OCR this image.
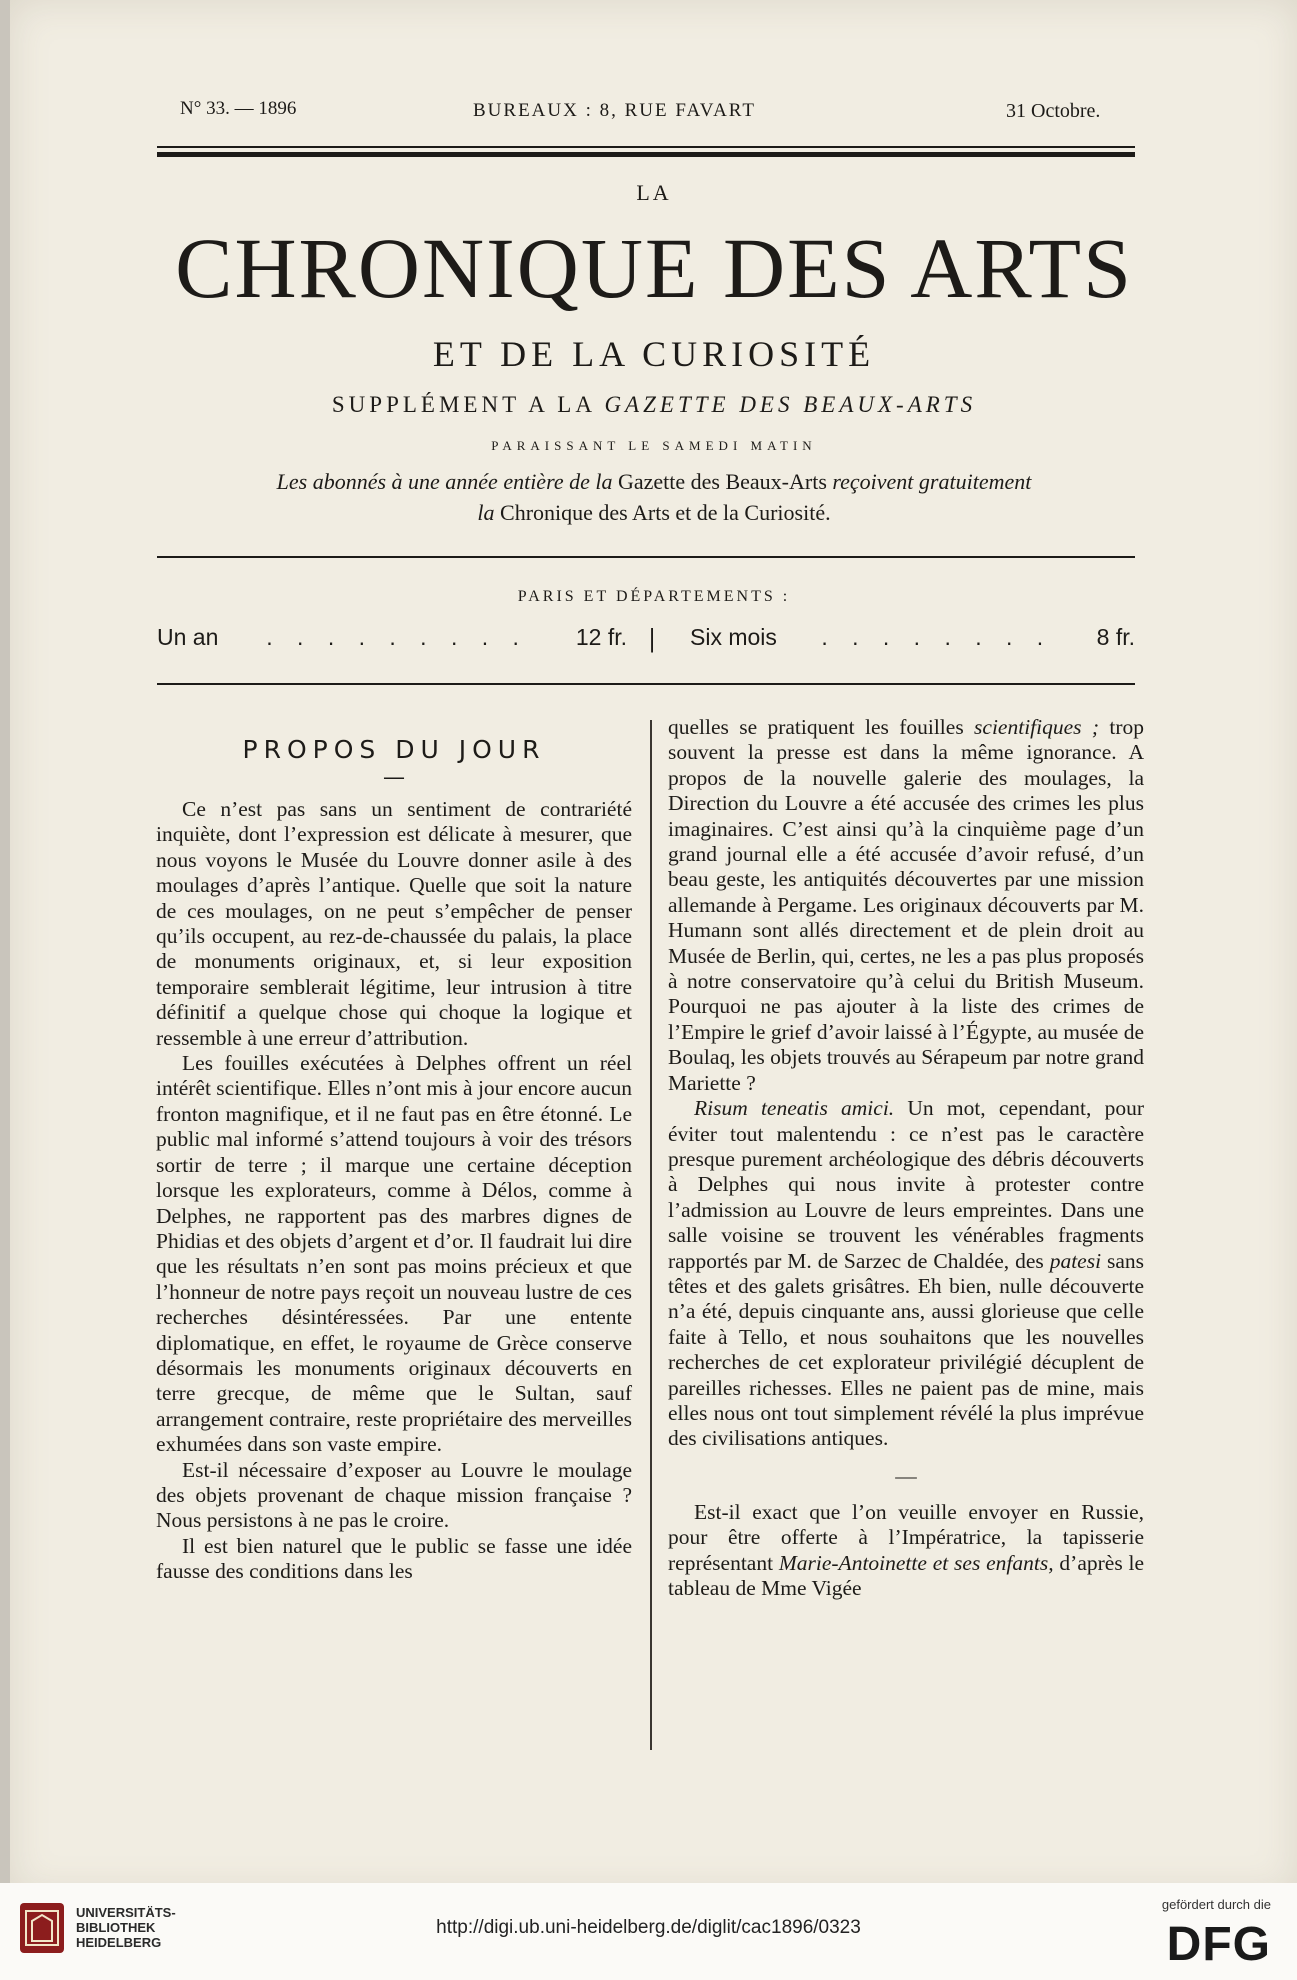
N° 33. — 1896	BUREAUX : 8, RUE FAVART	31 Octobre.
LA
CHRONIQUE DES ARTS
ET DE LA CURIOSITÉ
SUPPLÉMENT A LA GAZETTE DES BEAUX-ARTS
PARAISSANT LE SAMEDI MATIN
Les abonnés à une année entière de la Gazette des Beaux-Arts reçoivent gratuitement
la Chronique des Arts et de la Curiosité.
PARIS ET DÉPARTEMENTS :
Un an	. . . . . . . . .	12 fr. | Six mois	. . . . . . . .	8 fr.
PROPOS DU JOUR
—

Ce n’est pas sans un sentiment de contrariété inquiète, dont l’expression est délicate à mesurer, que nous voyons le Musée du Louvre donner asile à des moulages d’après l’antique. Quelle que soit la nature de ces moulages, on ne peut s’empêcher de penser qu’ils occupent, au rez-de-chaussée du palais, la place de monuments originaux, et, si leur exposition temporaire semblerait légitime, leur intrusion à titre définitif a quelque chose qui choque la logique et ressemble à une erreur d’attribution.

Les fouilles exécutées à Delphes offrent un réel intérêt scientifique. Elles n’ont mis à jour encore aucun fronton magnifique, et il ne faut pas en être étonné. Le public mal informé s’attend toujours à voir des trésors sortir de terre ; il marque une certaine déception lorsque les explorateurs, comme à Délos, comme à Delphes, ne rapportent pas des marbres dignes de Phidias et des objets d’argent et d’or. Il faudrait lui dire que les résultats n’en sont pas moins précieux et que l’honneur de notre pays reçoit un nouveau lustre de ces recherches désintéressées. Par une entente diplomatique, en effet, le royaume de Grèce conserve désormais les monuments originaux découverts en terre grecque, de même que le Sultan, sauf arrangement contraire, reste propriétaire des merveilles exhumées dans son vaste empire.

Est-il nécessaire d’exposer au Louvre le moulage des objets provenant de chaque mission française ? Nous persistons à ne pas le croire.

Il est bien naturel que le public se fasse une idée fausse des conditions dans les

quelles se pratiquent les fouilles scientifiques ; trop souvent la presse est dans la même ignorance. A propos de la nouvelle galerie des moulages, la Direction du Louvre a été accusée des crimes les plus imaginaires. C’est ainsi qu’à la cinquième page d’un grand journal elle a été accusée d’avoir refusé, d’un beau geste, les antiquités découvertes par une mission allemande à Pergame. Les originaux découverts par M. Humann sont allés directement et de plein droit au Musée de Berlin, qui, certes, ne les a pas plus proposés à notre conservatoire qu’à celui du British Museum. Pourquoi ne pas ajouter à la liste des crimes de l’Empire le grief d’avoir laissé à l’Égypte, au musée de Boulaq, les objets trouvés au Sérapeum par notre grand Mariette ?

Risum teneatis amici. Un mot, cependant, pour éviter tout malentendu : ce n’est pas le caractère presque purement archéologique des débris découverts à Delphes qui nous invite à protester contre l’admission au Louvre de leurs empreintes. Dans une salle voisine se trouvent les vénérables fragments rapportés par M. de Sarzec de Chaldée, des patesi sans têtes et des galets grisâtres. Eh bien, nulle découverte n’a été, depuis cinquante ans, aussi glorieuse que celle faite à Tello, et nous souhaitons que les nouvelles recherches de cet explorateur privilégié décuplent de pareilles richesses. Elles ne paient pas de mine, mais elles nous ont tout simplement révélé la plus imprévue des civilisations antiques.

—

Est-il exact que l’on veuille envoyer en Russie, pour être offerte à l’Impératrice, la tapisserie représentant Marie-Antoinette et ses enfants, d’après le tableau de Mme Vigée

UNIVERSITÄTS-
BIBLIOTHEK
HEIDELBERG
http://digi.ub.uni-heidelberg.de/diglit/cac1896/0323
gefördert durch die
DFG
